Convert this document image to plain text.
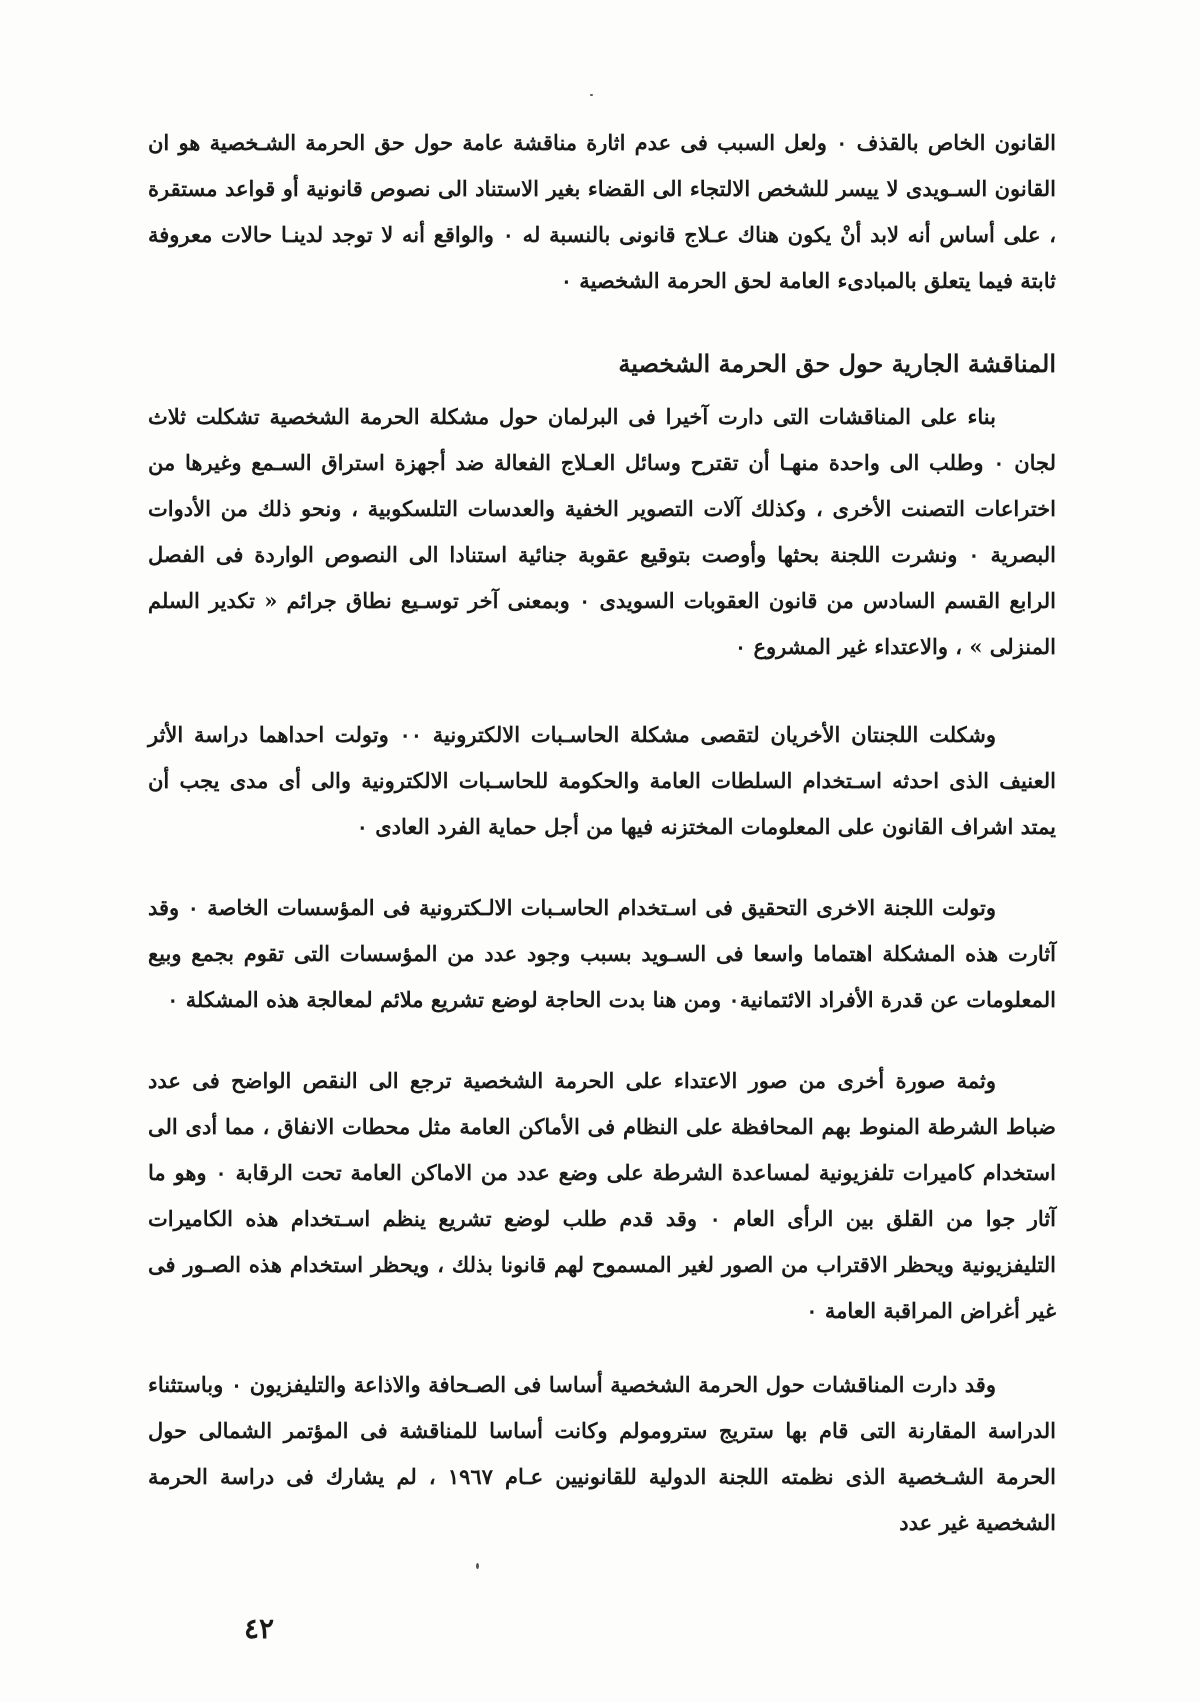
القانون الخاص بالقذف ٠ ولعل السبب فى عدم اثارة مناقشة عامة حول حق الحرمة الشـخصية هو ان القانون السـويدى لا ييسر للشخص الالتجاء الى القضاء بغير الاستناد الى نصوص قانونية أو قواعد مستقرة ، على أساس أنه لابد أنْ يكون هناك عـلاج قانونى بالنسبة له ٠ والواقع أنه لا توجد لدينـا حالات معروفة ثابتة فيما يتعلق بالمبادىء العامة لحق الحرمة الشخصية ٠

المناقشة الجارية حول حق الحرمة الشخصية

بناء على المناقشات التى دارت آخيرا فى البرلمان حول مشكلة الحرمة الشخصية تشكلت ثلاث لجان ٠ وطلب الى واحدة منهـا أن تقترح وسائل العـلاج الفعالة ضد أجهزة استراق السـمع وغيرها من اختراعات التصنت الأخرى ، وكذلك آلات التصوير الخفية والعدسات التلسكوبية ، ونحو ذلك من الأدوات البصرية ٠ ونشرت اللجنة بحثها وأوصت بتوقيع عقوبة جنائية استنادا الى النصوص الواردة فى الفصل الرابع القسم السادس من قانون العقوبات السويدى ٠ وبمعنى آخر توسـيع نطاق جرائم « تكدير السلم المنزلى » ، والاعتداء غير المشروع ٠

وشكلت اللجنتان الأخريان لتقصى مشكلة الحاسـبات الالكترونية ٠٠ وتولت احداهما دراسة الأثر العنيف الذى احدثه اسـتخدام السلطات العامة والحكومة للحاسـبات الالكترونية والى أى مدى يجب أن يمتد اشراف القانون على المعلومات المختزنه فيها من أجل حماية الفرد العادى ٠

وتولت اللجنة الاخرى التحقيق فى اسـتخدام الحاسـبات الالـكترونية فى المؤسسات الخاصة ٠ وقد آثارت هذه المشكلة اهتماما واسعا فى السـويد بسبب وجود عدد من المؤسسات التى تقوم بجمع وبيع المعلومات عن قدرة الأفراد الائتمانية٠ ومن هنا بدت الحاجة لوضع تشريع ملائم لمعالجة هذه المشكلة ٠

وثمة صورة أخرى من صور الاعتداء على الحرمة الشخصية ترجع الى النقص الواضح فى عدد ضباط الشرطة المنوط بهم المحافظة على النظام فى الأماكن العامة مثل محطات الانفاق ، مما أدى الى استخدام كاميرات تلفزيونية لمساعدة الشرطة على وضع عدد من الاماكن العامة تحت الرقابة ٠ وهو ما آثار جوا من القلق بين الرأى العام ٠ وقد قدم طلب لوضع تشريع ينظم اسـتخدام هذه الكاميرات التليفزيونية ويحظر الاقتراب من الصور لغير المسموح لهم قانونا بذلك ، ويحظر استخدام هذه الصـور فى غير أغراض المراقبة العامة ٠

وقد دارت المناقشات حول الحرمة الشخصية أساسا فى الصـحافة والاذاعة والتليفزيون ٠ وباستثناء الدراسة المقارنة التى قام بها ستريج سترومولم وكانت أساسا للمناقشة فى المؤتمر الشمالى حول الحرمة الشـخصية الذى نظمته اللجنة الدولية للقانونيين عـام ١٩٦٧ ، لم يشارك فى دراسة الحرمة الشخصية غير عدد

٤٢
